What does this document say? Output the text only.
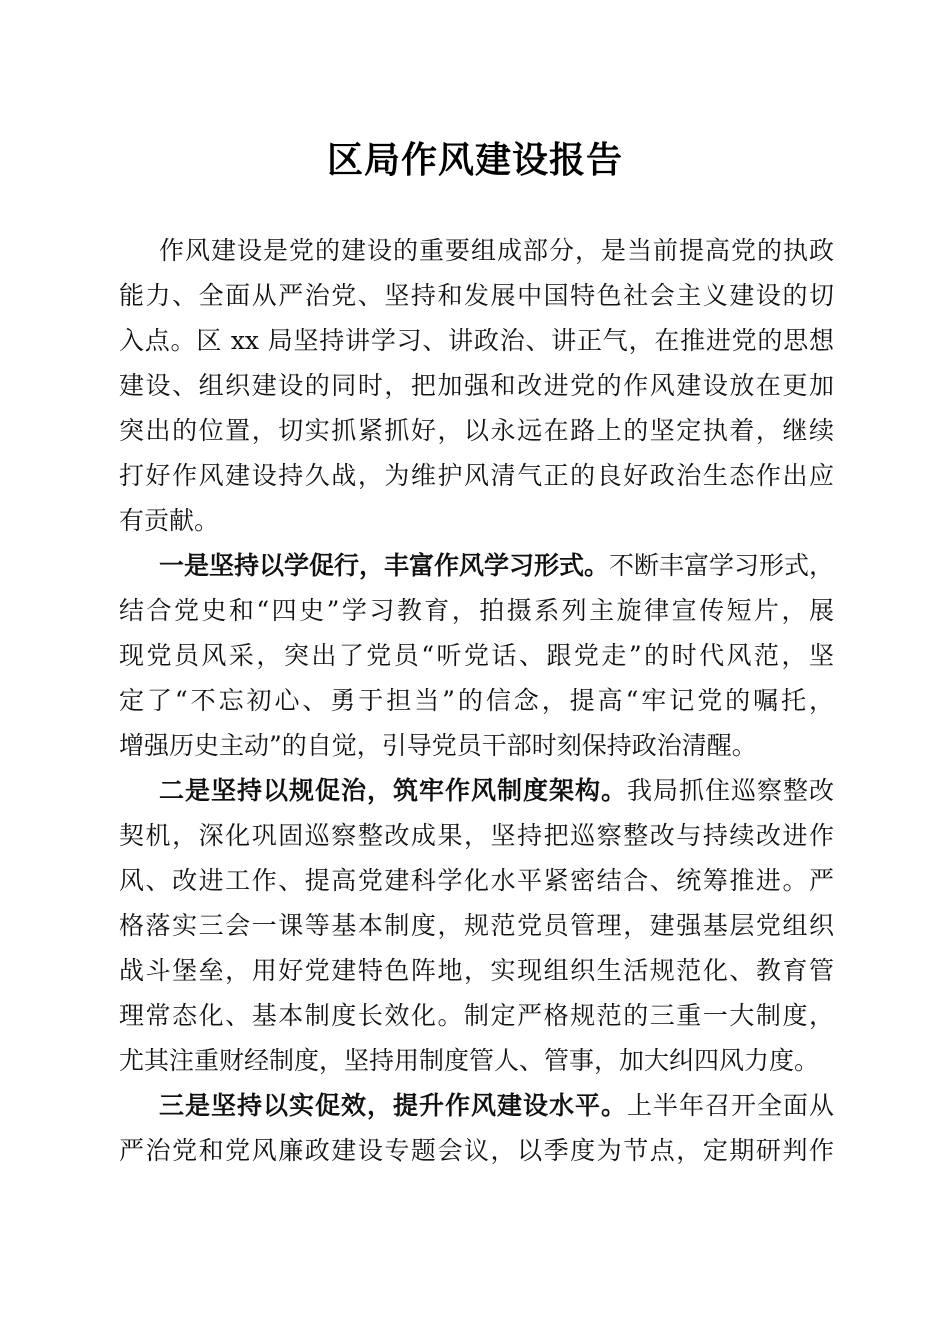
区局作风建设报告
作风建设是党的建设的重要组成部分，是当前提高党的执政
能力、全面从严治党、坚持和发展中国特色社会主义建设的切
入点。区 xx 局坚持讲学习、讲政治、讲正气，在推进党的思想
建设、组织建设的同时，把加强和改进党的作风建设放在更加
突出的位置，切实抓紧抓好，以永远在路上的坚定执着，继续
打好作风建设持久战，为维护风清气正的良好政治生态作出应
有贡献。
一是坚持以学促行，丰富作风学习形式。不断丰富学习形式，
结合党史和“四史”学习教育，拍摄系列主旋律宣传短片，展
现党员风采，突出了党员“听党话、跟党走”的时代风范，坚
定了“不忘初心、勇于担当”的信念，提高“牢记党的嘱托，
增强历史主动”的自觉，引导党员干部时刻保持政治清醒。
二是坚持以规促治，筑牢作风制度架构。我局抓住巡察整改
契机，深化巩固巡察整改成果，坚持把巡察整改与持续改进作
风、改进工作、提高党建科学化水平紧密结合、统筹推进。严
格落实三会一课等基本制度，规范党员管理，建强基层党组织
战斗堡垒，用好党建特色阵地，实现组织生活规范化、教育管
理常态化、基本制度长效化。制定严格规范的三重一大制度，
尤其注重财经制度，坚持用制度管人、管事，加大纠四风力度。
三是坚持以实促效，提升作风建设水平。上半年召开全面从
严治党和党风廉政建设专题会议，以季度为节点，定期研判作
